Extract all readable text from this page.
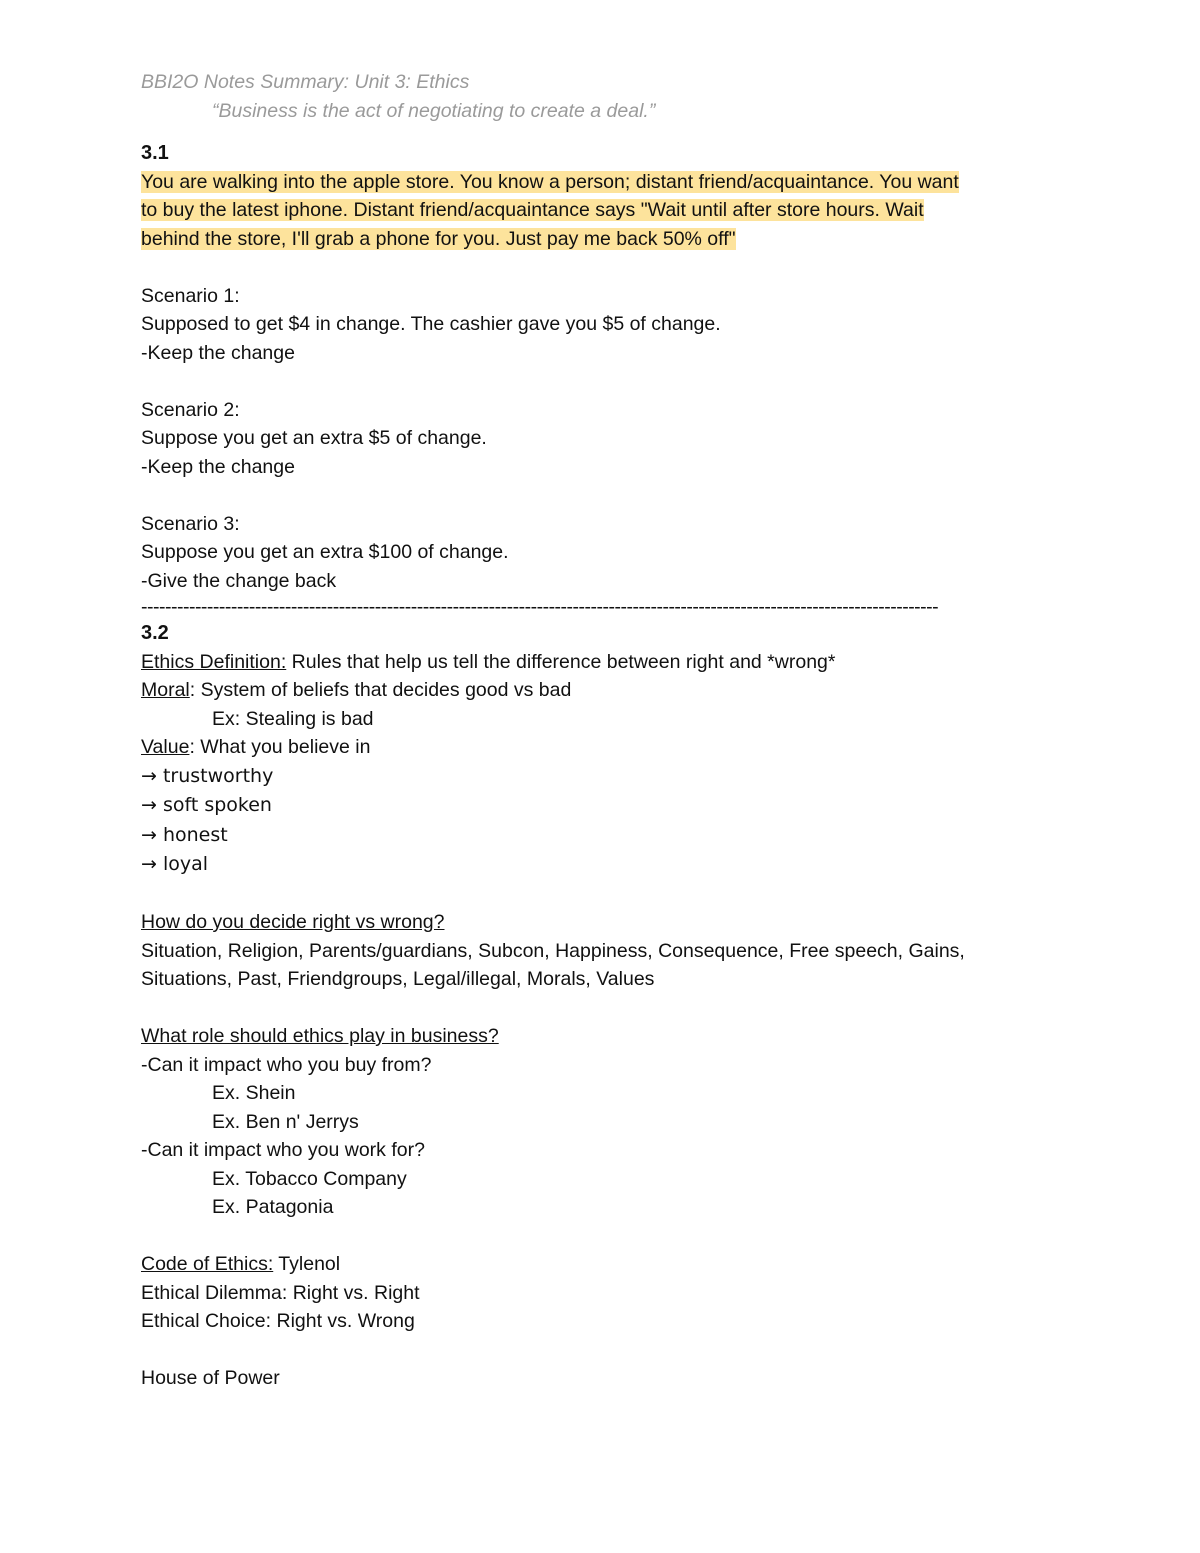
BBI2O Notes Summary: Unit 3: Ethics
“Business is the act of negotiating to create a deal.”
3.1
You are walking into the apple store. You know a person; distant friend/acquaintance. You want
to buy the latest iphone. Distant friend/acquaintance says "Wait until after store hours. Wait
behind the store, I'll grab a phone for you. Just pay me back 50% off"
Scenario 1:
Supposed to get $4 in change. The cashier gave you $5 of change.
-Keep the change
Scenario 2:
Suppose you get an extra $5 of change.
-Keep the change
Scenario 3:
Suppose you get an extra $100 of change.
-Give the change back
-------------------------------------------------------------------------------------------------------------------------------------
3.2
Ethics Definition: Rules that help us tell the difference between right and *wrong*
Moral: System of beliefs that decides good vs bad
Ex: Stealing is bad
Value: What you believe in
→ trustworthy
→ soft spoken
→ honest
→ loyal
How do you decide right vs wrong?
Situation, Religion, Parents/guardians, Subcon, Happiness, Consequence, Free speech, Gains,
Situations, Past, Friendgroups, Legal/illegal, Morals, Values
What role should ethics play in business?
-Can it impact who you buy from?
Ex. Shein
Ex. Ben n' Jerrys
-Can it impact who you work for?
Ex. Tobacco Company
Ex. Patagonia
Code of Ethics: Tylenol
Ethical Dilemma: Right vs. Right
Ethical Choice: Right vs. Wrong
House of Power
